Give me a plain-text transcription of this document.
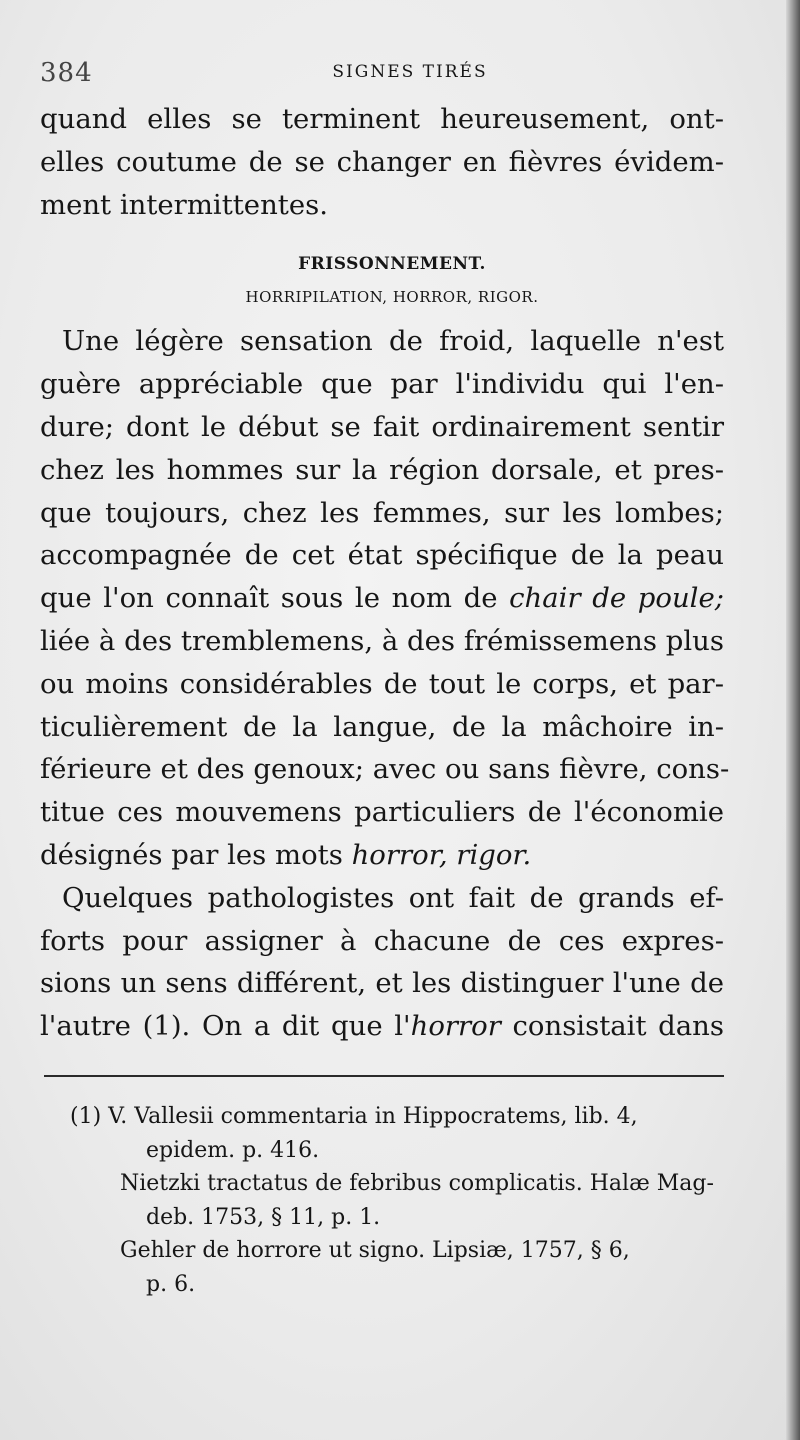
384	SIGNES TIRÉS
quand elles se terminent heureusement, ont-
elles coutume de se changer en fièvres évidem-
ment intermittentes.
FRISSONNEMENT.
HORRIPILATION, HORROR, RIGOR.
Une légère sensation de froid, laquelle n'est
guère appréciable que par l'individu qui l'en-
dure; dont le début se fait ordinairement sentir
chez les hommes sur la région dorsale, et pres-
que toujours, chez les femmes, sur les lombes;
accompagnée de cet état spécifique de la peau
que l'on connaît sous le nom de chair de poule;
liée à des tremblemens, à des frémissemens plus
ou moins considérables de tout le corps, et par-
ticulièrement de la langue, de la mâchoire in-
férieure et des genoux; avec ou sans fièvre, cons-
titue ces mouvemens particuliers de l'économie
désignés par les mots horror, rigor.
Quelques pathologistes ont fait de grands ef-
forts pour assigner à chacune de ces expres-
sions un sens différent, et les distinguer l'une de
l'autre (1). On a dit que l'horror consistait dans
(1) V. Vallesii commentaria in Hippocratems, lib. 4,
epidem. p. 416.
Nietzki tractatus de febribus complicatis. Halæ Mag-
deb. 1753, § 11, p. 1.
Gehler de horrore ut signo. Lipsiæ, 1757, § 6,
p. 6.
